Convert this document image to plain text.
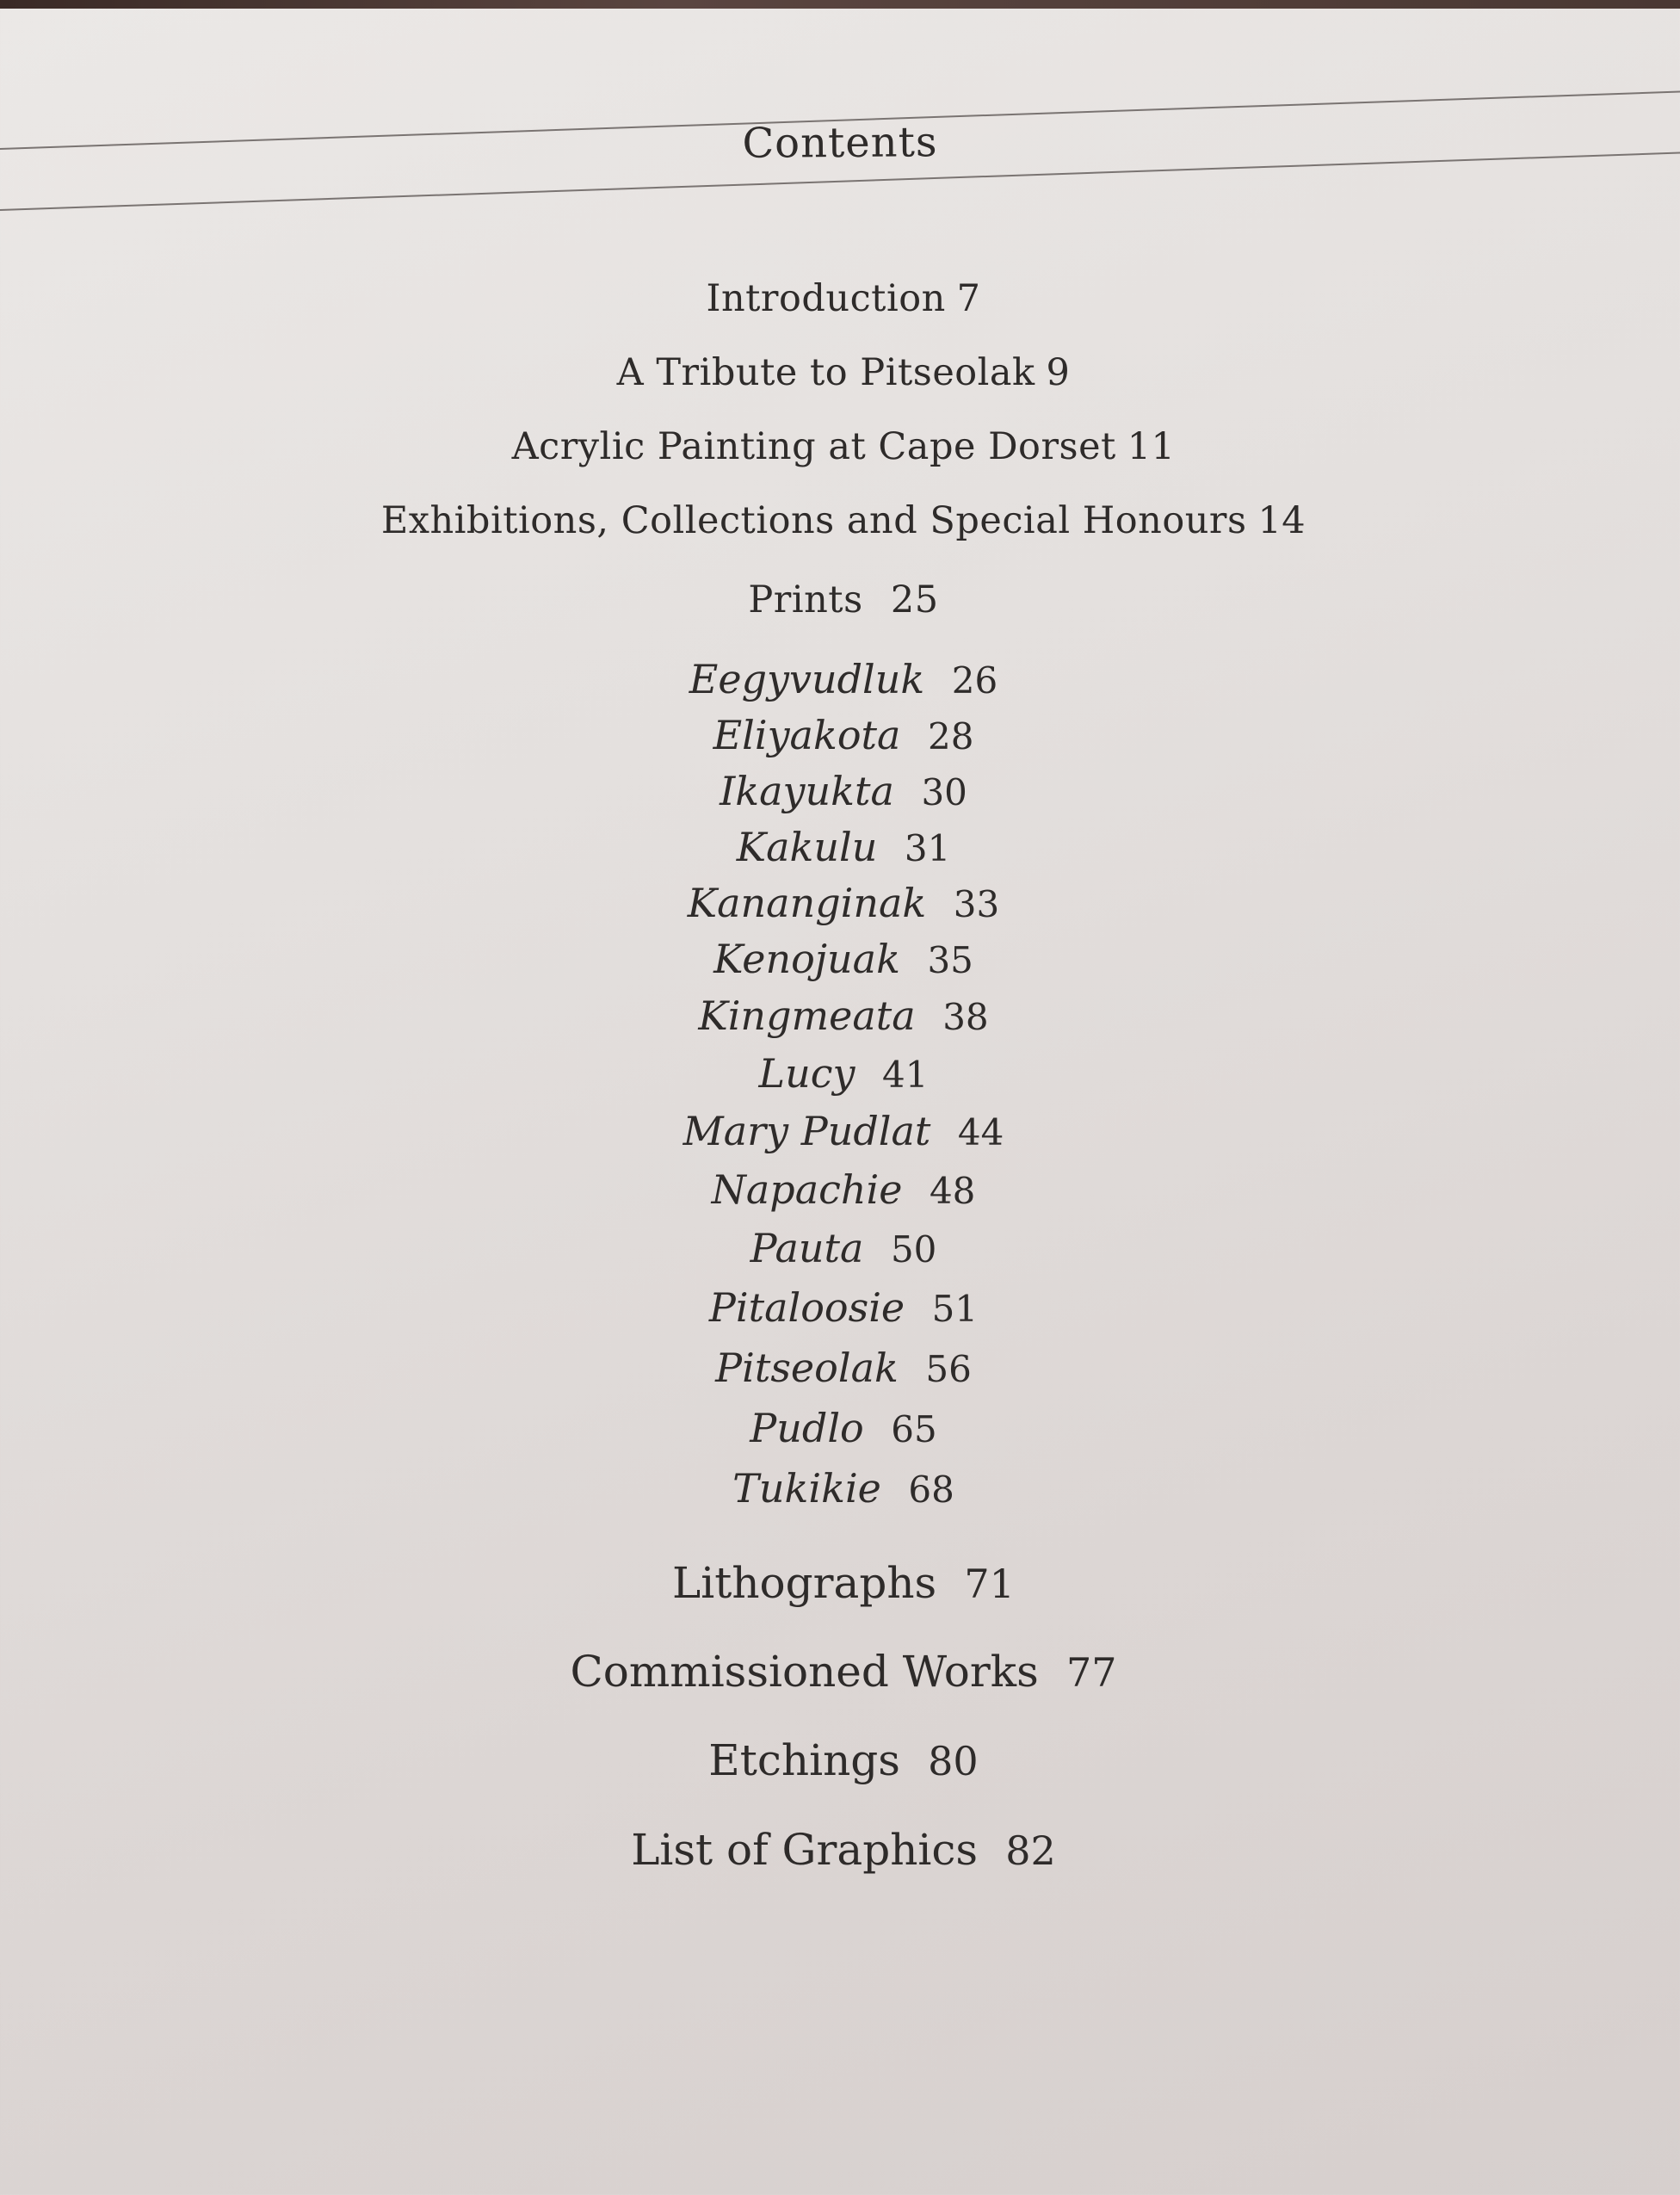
Contents
Introduction 7
A Tribute to Pitseolak 9
Acrylic Painting at Cape Dorset 11
Exhibitions, Collections and Special Honours 14
Prints 25
Eegyvudluk 26
Eliyakota 28
Ikayukta 30
Kakulu 31
Kananginak 33
Kenojuak 35
Kingmeata 38
Lucy 41
Mary Pudlat 44
Napachie 48
Pauta 50
Pitaloosie 51
Pitseolak 56
Pudlo 65
Tukikie 68
Lithographs 71
Commissioned Works 77
Etchings 80
List of Graphics 82
